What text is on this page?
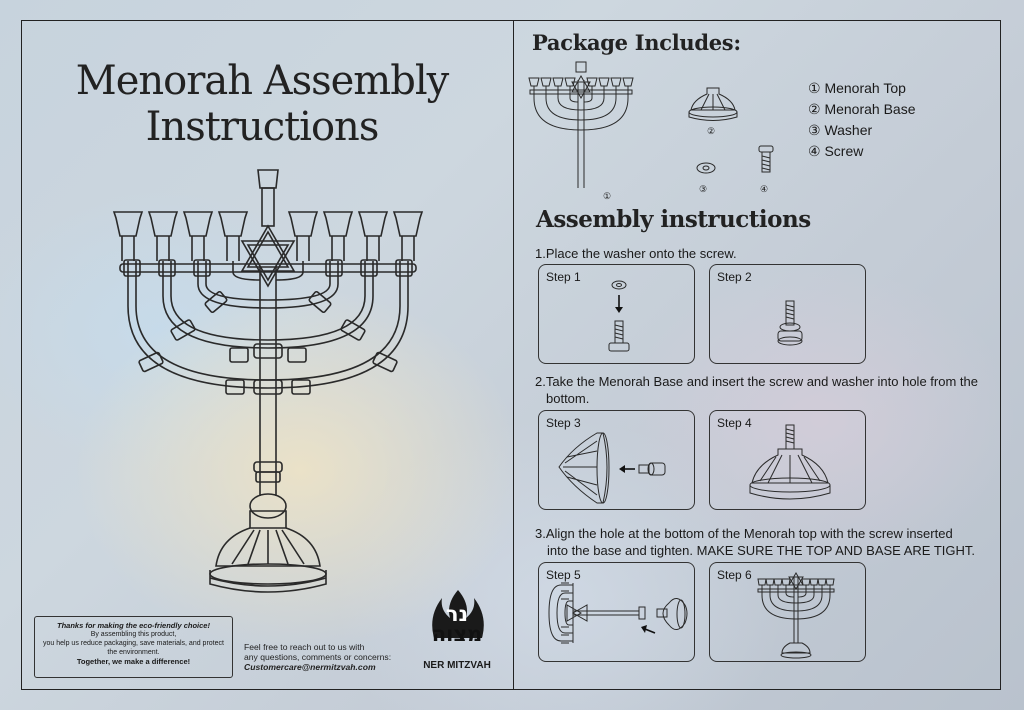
Menorah Assembly
Instructions
Thanks for making the eco-friendly choice!
By assembling this product,
you help us reduce packaging, save materials, and protect
the environment.
Together, we make a difference!
Feel free to reach out to us with
any questions, comments or concerns:
Customercare@nermitzvah.com
נר
מצוה
NER MITZVAH
Package Includes:
①
②
③	④
① Menorah Top
② Menorah Base
③ Washer
④ Screw
Assembly instructions
1.Place the washer onto the screw.
Step 1	Step 2
2.Take the Menorah Base and insert the screw and washer into hole from the
bottom.
Step 3	Step 4
3.Align the hole at the bottom of the Menorah top with the screw inserted
into the base and tighten. MAKE SURE THE TOP AND BASE ARE TIGHT.
Step 5	Step 6
